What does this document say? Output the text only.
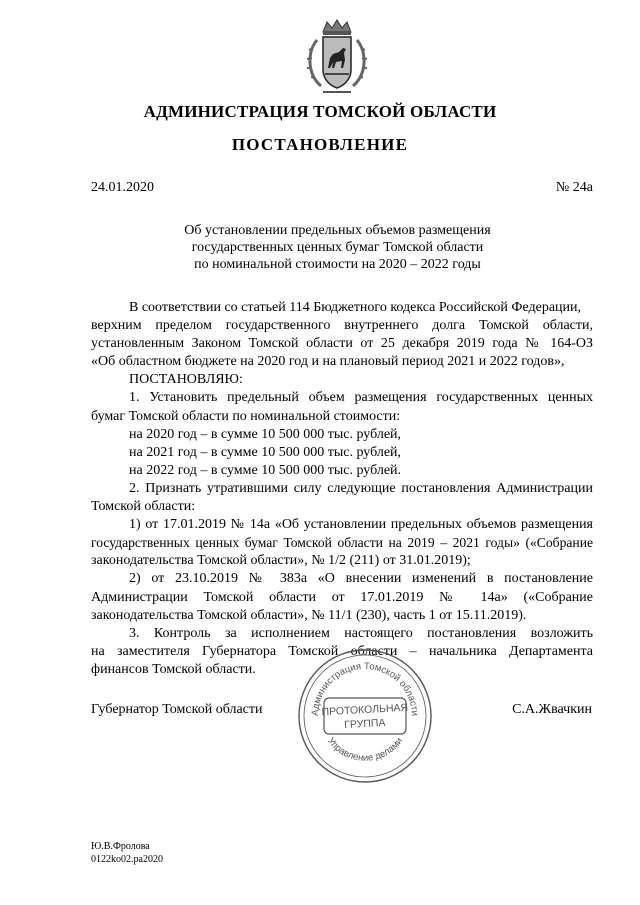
АДМИНИСТРАЦИЯ ТОМСКОЙ ОБЛАСТИ
ПОСТАНОВЛЕНИЕ
24.01.2020	№ 24а
Об установлении предельных объемов размещения
государственных ценных бумаг Томской области
по номинальной стоимости на 2020 – 2022 годы
В соответствии со статьей 114 Бюджетного кодекса Российской Федерации,
верхним пределом государственного внутреннего долга Томской области,
установленным Законом Томской области от 25 декабря 2019 года № 164-ОЗ
«Об областном бюджете на 2020 год и на плановый период 2021 и 2022 годов»,
ПОСТАНОВЛЯЮ:
1. Установить предельный объем размещения государственных ценных
бумаг Томской области по номинальной стоимости:
на 2020 год – в сумме 10 500 000 тыс. рублей,
на 2021 год – в сумме 10 500 000 тыс. рублей,
на 2022 год – в сумме 10 500 000 тыс. рублей.
2. Признать утратившими силу следующие постановления Администрации
Томской области:
1) от 17.01.2019 № 14а «Об установлении предельных объемов размещения
государственных ценных бумаг Томской области на 2019 – 2021 годы» («Собрание
законодательства Томской области», № 1/2 (211) от 31.01.2019);
2) от 23.10.2019 № 383а «О внесении изменений в постановление
Администрации Томской области от 17.01.2019 № 14а» («Собрание
законодательства Томской области», № 11/1 (230), часть 1 от 15.11.2019).
3. Контроль за исполнением настоящего постановления возложить
на заместителя Губернатора Томской области – начальника Департамента
финансов Томской области.
Губернатор Томской области	С.А.Жвачкин
Администрация Томской области
Управление делами
ПРОТОКОЛЬНАЯ
ГРУППА
Ю.В.Фролова
0122ko02.pa2020
